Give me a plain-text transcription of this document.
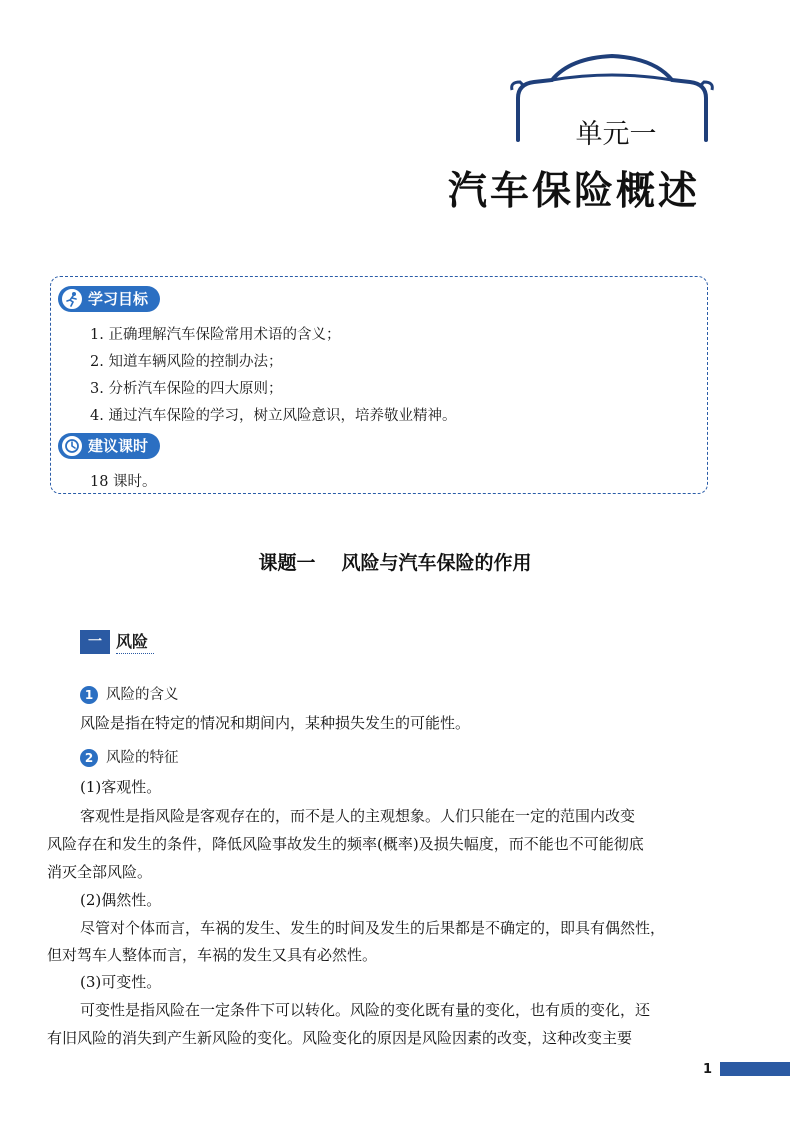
单元一
汽车保险概述
学习目标
1. 正确理解汽车保险常用术语的含义；
2. 知道车辆风险的控制办法；
3. 分析汽车保险的四大原则；
4. 通过汽车保险的学习，树立风险意识，培养敬业精神。
建议课时
18 课时。
课题一 风险与汽车保险的作用
一 风险
1 风险的含义
风险是指在特定的情况和期间内，某种损失发生的可能性。
2 风险的特征
(1)客观性。
客观性是指风险是客观存在的，而不是人的主观想象。人们只能在一定的范围内改变
风险存在和发生的条件，降低风险事故发生的频率(概率)及损失幅度，而不能也不可能彻底
消灭全部风险。
(2)偶然性。
尽管对个体而言，车祸的发生、发生的时间及发生的后果都是不确定的，即具有偶然性，
但对驾车人整体而言，车祸的发生又具有必然性。
(3)可变性。
可变性是指风险在一定条件下可以转化。风险的变化既有量的变化，也有质的变化，还
有旧风险的消失到产生新风险的变化。风险变化的原因是风险因素的改变，这种改变主要
1
